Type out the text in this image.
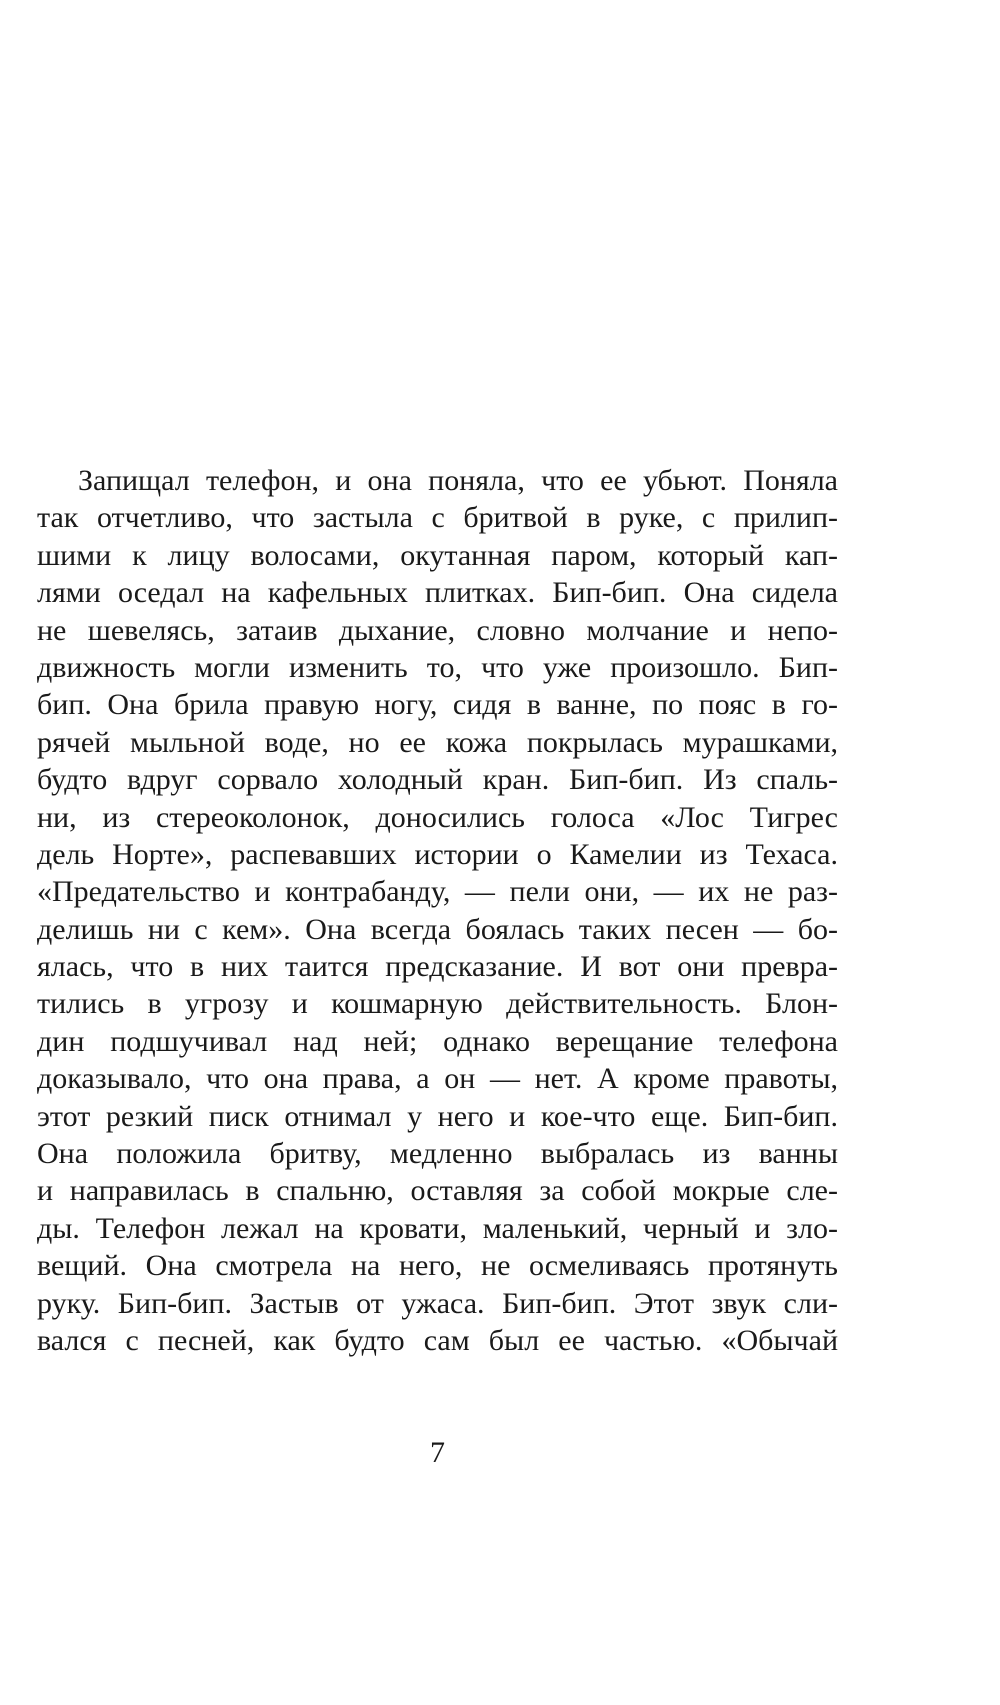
Запищал телефон, и она поняла, что ее убьют. Поняла
так отчетливо, что застыла с бритвой в руке, с прилип-
шими к лицу волосами, окутанная паром, который кап-
лями оседал на кафельных плитках. Бип-бип. Она сидела
не шевелясь, затаив дыхание, словно молчание и непо-
движность могли изменить то, что уже произошло. Бип-
бип. Она брила правую ногу, сидя в ванне, по пояс в го-
рячей мыльной воде, но ее кожа покрылась мурашками,
будто вдруг сорвало холодный кран. Бип-бип. Из спаль-
ни, из стереоколонок, доносились голоса «Лос Тигрес
дель Норте», распевавших истории о Камелии из Техаса.
«Предательство и контрабанду, — пели они, — их не раз-
делишь ни с кем». Она всегда боялась таких песен — бо-
ялась, что в них таится предсказание. И вот они превра-
тились в угрозу и кошмарную действительность. Блон-
дин подшучивал над ней; однако верещание телефона
доказывало, что она права, а он — нет. А кроме правоты,
этот резкий писк отнимал у него и кое-что еще. Бип-бип.
Она положила бритву, медленно выбралась из ванны
и направилась в спальню, оставляя за собой мокрые сле-
ды. Телефон лежал на кровати, маленький, черный и зло-
вещий. Она смотрела на него, не осмеливаясь протянуть
руку. Бип-бип. Застыв от ужаса. Бип-бип. Этот звук сли-
вался с песней, как будто сам был ее частью. «Обычай
7
